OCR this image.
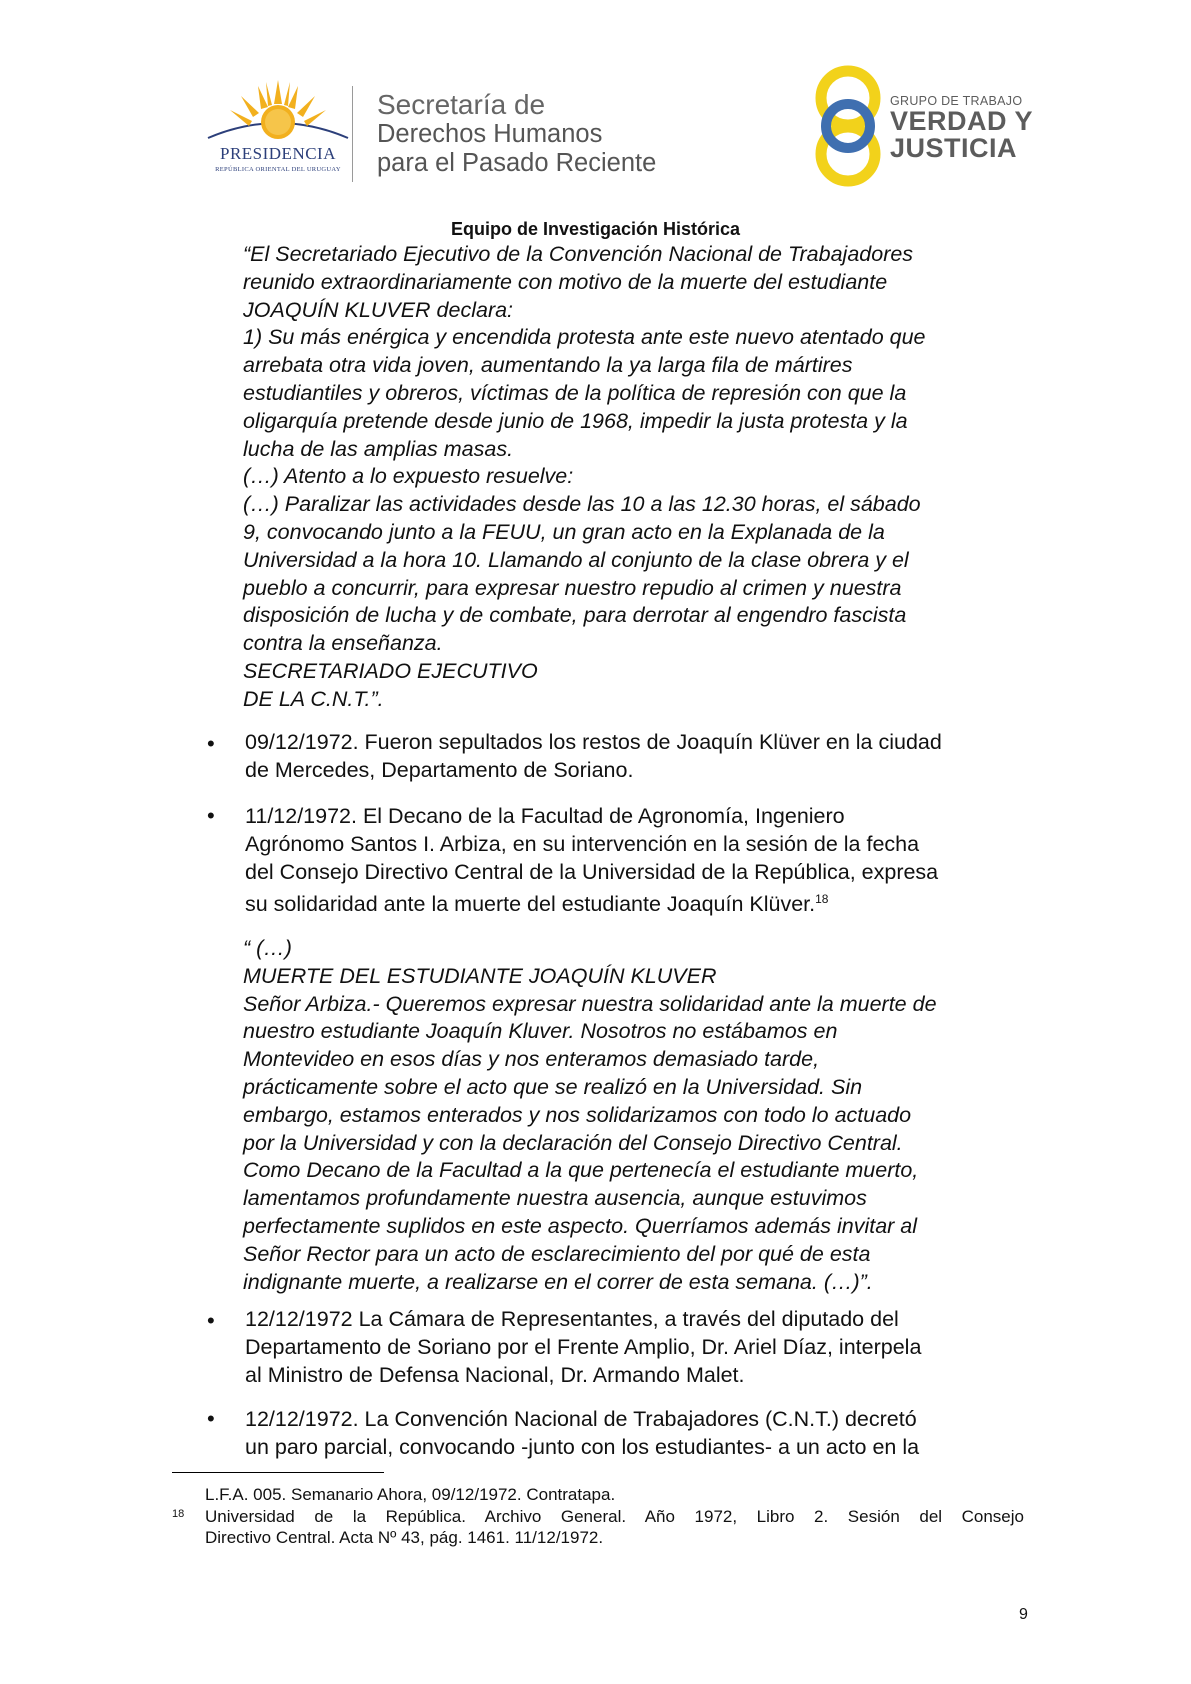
PRESIDENCIA
REPÚBLICA ORIENTAL DEL URUGUAY
Secretaría de
Derechos Humanos
para el Pasado Reciente
GRUPO DE TRABAJO
VERDAD Y
JUSTICIA
Equipo de Investigación Histórica
“El Secretariado Ejecutivo de la Convención Nacional de Trabajadores
reunido extraordinariamente con motivo de la muerte del estudiante
JOAQUÍN KLUVER declara:
1) Su más enérgica y encendida protesta ante este nuevo atentado que
arrebata otra vida joven, aumentando la ya larga fila de mártires
estudiantiles y obreros, víctimas de la política de represión con que la
oligarquía pretende desde junio de 1968, impedir la justa protesta y la
lucha de las amplias masas.
(…) Atento a lo expuesto resuelve:
(…) Paralizar las actividades desde las 10 a las 12.30 horas, el sábado
9, convocando junto a la FEUU, un gran acto en la Explanada de la
Universidad a la hora 10. Llamando al conjunto de la clase obrera y el
pueblo a concurrir, para expresar nuestro repudio al crimen y nuestra
disposición de lucha y de combate, para derrotar al engendro fascista
contra la enseñanza.
SECRETARIADO EJECUTIVO
DE LA C.N.T.”.
• 09/12/1972. Fueron sepultados los restos de Joaquín Klüver en la ciudad
de Mercedes, Departamento de Soriano.
• 11/12/1972. El Decano de la Facultad de Agronomía, Ingeniero
Agrónomo Santos I. Arbiza, en su intervención en la sesión de la fecha
del Consejo Directivo Central de la Universidad de la República, expresa
su solidaridad ante la muerte del estudiante Joaquín Klüver.$^{18}$
“ (…)
MUERTE DEL ESTUDIANTE JOAQUÍN KLUVER
Señor Arbiza.- Queremos expresar nuestra solidaridad ante la muerte de
nuestro estudiante Joaquín Kluver. Nosotros no estábamos en
Montevideo en esos días y nos enteramos demasiado tarde,
prácticamente sobre el acto que se realizó en la Universidad. Sin
embargo, estamos enterados y nos solidarizamos con todo lo actuado
por la Universidad y con la declaración del Consejo Directivo Central.
Como Decano de la Facultad a la que pertenecía el estudiante muerto,
lamentamos profundamente nuestra ausencia, aunque estuvimos
perfectamente suplidos en este aspecto. Querríamos además invitar al
Señor Rector para un acto de esclarecimiento del por qué de esta
indignante muerte, a realizarse en el correr de esta semana. (…)”.
• 12/12/1972 La Cámara de Representantes, a través del diputado del
Departamento de Soriano por el Frente Amplio, Dr. Ariel Díaz, interpela
al Ministro de Defensa Nacional, Dr. Armando Malet.
• 12/12/1972. La Convención Nacional de Trabajadores (C.N.T.) decretó
un paro parcial, convocando -junto con los estudiantes- a un acto en la
L.F.A. 005. Semanario Ahora, 09/12/1972. Contratapa.
18 Universidad de la República. Archivo General. Año 1972, Libro 2. Sesión del Consejo
Directivo Central. Acta Nº 43, pág. 1461. 11/12/1972.
9
